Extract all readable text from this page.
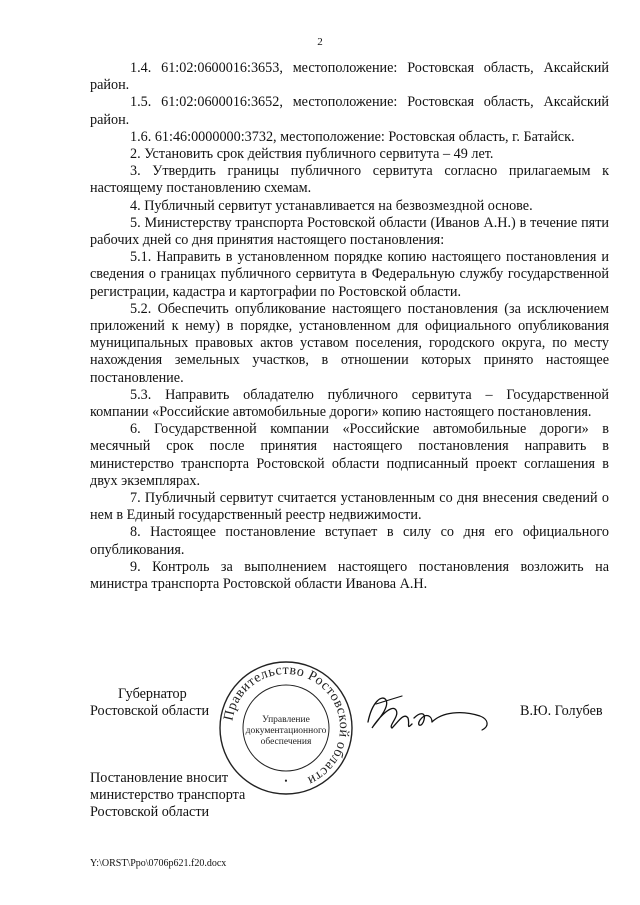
2

1.4. 61:02:0600016:3653, местоположение: Ростовская область, Аксайский район.

1.5. 61:02:0600016:3652, местоположение: Ростовская область, Аксайский район.

1.6. 61:46:0000000:3732, местоположение: Ростовская область, г. Батайск.

2. Установить срок действия публичного сервитута – 49 лет.

3. Утвердить границы публичного сервитута согласно прилагаемым к настоящему постановлению схемам.

4. Публичный сервитут устанавливается на безвозмездной основе.

5. Министерству транспорта Ростовской области (Иванов А.Н.) в течение пяти рабочих дней со дня принятия настоящего постановления:

5.1. Направить в установленном порядке копию настоящего постановления и сведения о границах публичного сервитута в Федеральную службу государственной регистрации, кадастра и картографии по Ростовской области.

5.2. Обеспечить опубликование настоящего постановления (за исключением приложений к нему) в порядке, установленном для официального опубликования муниципальных правовых актов уставом поселения, городского округа, по месту нахождения земельных участков, в отношении которых принято настоящее постановление.

5.3. Направить обладателю публичного сервитута – Государственной компании «Российские автомобильные дороги» копию настоящего постановления.

6. Государственной компании «Российские автомобильные дороги» в месячный срок после принятия настоящего постановления направить в министерство транспорта Ростовской области подписанный проект соглашения в двух экземплярах.

7. Публичный сервитут считается установленным со дня внесения сведений о нем в Единый государственный реестр недвижимости.

8. Настоящее постановление вступает в силу со дня его официального опубликования.

9. Контроль за выполнением настоящего постановления возложить на министра транспорта Ростовской области Иванова А.Н.

Губернатор
Ростовской области Правительство Ростовской области
Управление
документационного
обеспечения
•
В.Ю. Голубев
Постановление вносит
министерство транспорта
Ростовской области
Y:\ORST\Ppo\0706p621.f20.docx
